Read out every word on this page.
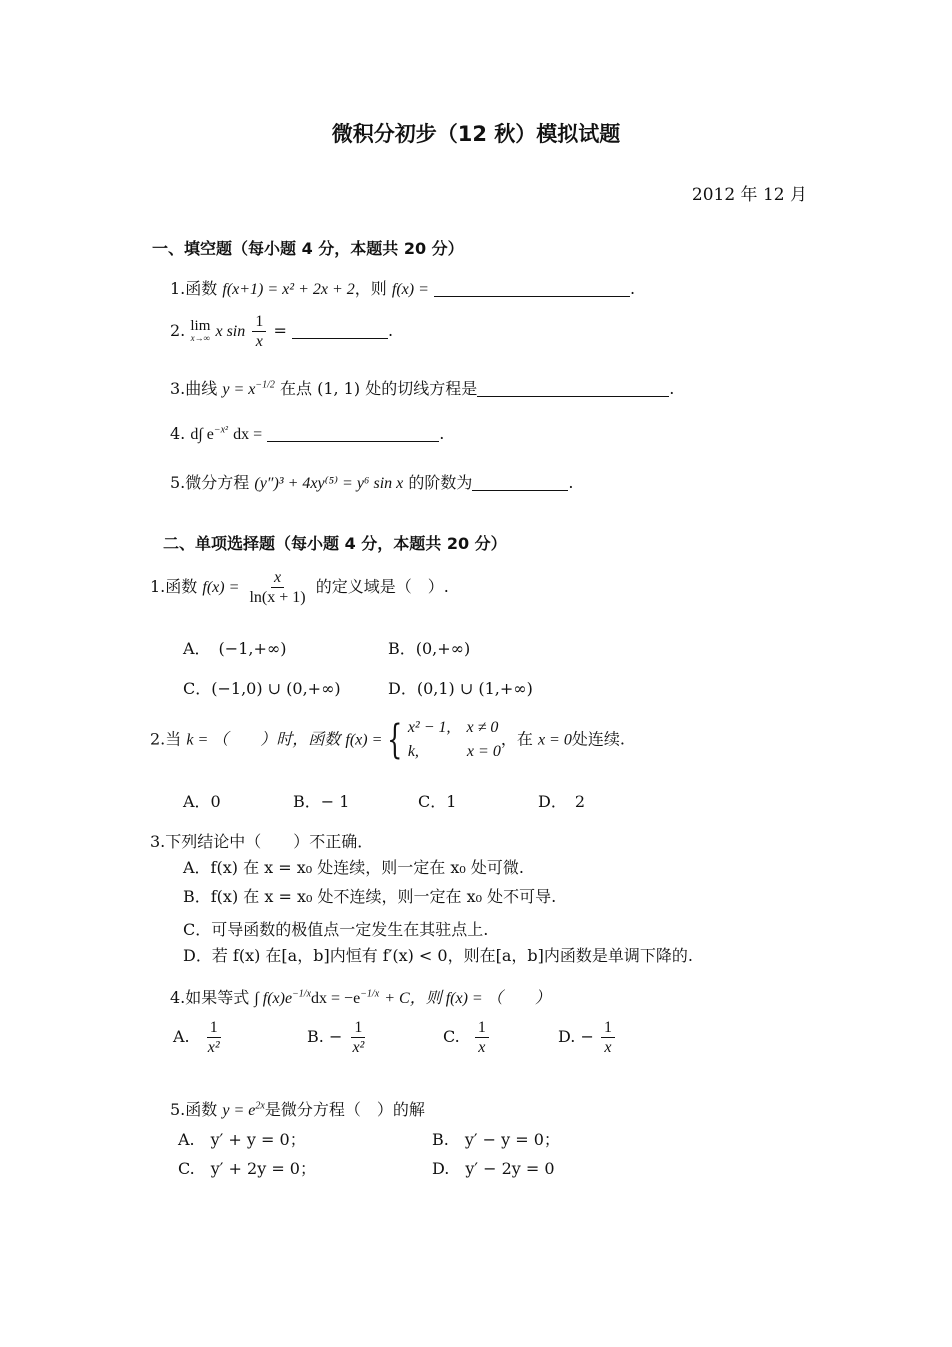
微积分初步（12 秋）模拟试题
2012 年 12 月
一、填空题（每小题 4 分，本题共 20 分）
1.函数 f(x+1) = x² + 2x + 2，则 f(x) =	.
2. lim
x→∞ x $\sin \frac{1}{x}$ =	.
3.曲线 $y = x^{-1/2}$ 在点 (1, 1) 处的切线方程是	.
4. d∫ $e^{-x^2}$ dx =	.
5.微分方程 (y″)³ + 4xy⁽⁵⁾ = y⁶ sin x 的阶数为	.
二、单项选择题（每小题 4 分，本题共 20 分）
1.函数 $f(x) = \frac{x}{\ln(x + 1)}$ 的定义域是（　）.
A．　(−1,+∞)	B．(0,+∞)
C．(−1,0) ∪ (0,+∞)	D．(0,1) ∪ (1,+∞)
2.当 k = （　　）时，函数 f(x) = { x² − 1,　x ≠ 0
k,　　　x = 0
，在 x = 0处连续.
A．0	B．− 1	C．1	D．　2
3.下列结论中（　　）不正确．
A．f(x) 在 x = x₀ 处连续，则一定在 x₀ 处可微.
B．f(x) 在 x = x₀ 处不连续，则一定在 x₀ 处不可导.
C．可导函数的极值点一定发生在其驻点上.
D．若 f(x) 在[a，b]内恒有 f′(x) < 0，则在[a，b]内函数是单调下降的.
4.如果等式 ∫ $f(x)e^{-1/x}dx = -e^{-1/x} + C$，则 f(x) = （　　）
A. $\frac{1}{\text{x²}}$	B. − $\frac{1}{\text{x²}}$	C. $\frac{1}{x}$	D. − $\frac{1}{x}$
5.函数 $y = e^{2x}$是微分方程（　）的解
A.　y′ + y = 0；	B.　y′ − y = 0；
C.　y′ + 2y = 0；	D.　y′ − 2y = 0
